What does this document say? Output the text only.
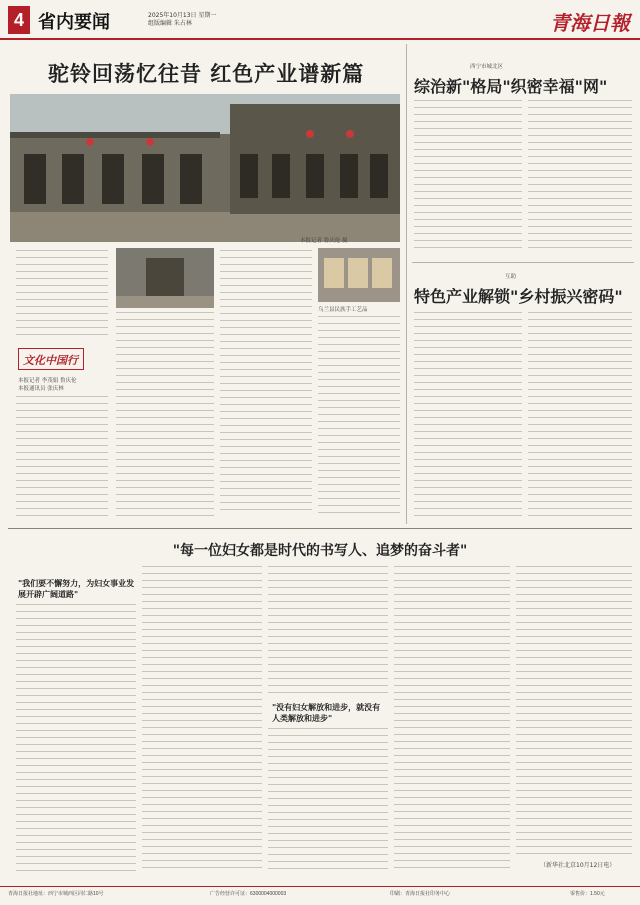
4 省内要闻	2025年10月13日 星期一
组版编辑 朱占林	青海日報
驼铃回荡忆往昔 红色产业谱新篇
本报记者 鲁庆伦 摄
文化中国行
本报记者 李茂娟 鲁庆伦
本报通讯员 张庆林
乌兰县民族手工艺品
西宁市城北区
综治新"格局"织密幸福"网"
互助
特色产业解锁"乡村振兴密码"
"每一位妇女都是时代的书写人、追梦的奋斗者"
"我们要不懈努力，为妇女事业发展开辟广阔道路"
"没有妇女解放和进步，就没有人类解放和进步"
（新华社北京10月12日电）
青海日报社地址：西宁市城西区同仁路10号	广告经营许可证：6300004000003	印刷：青海日报社印务中心	零售价：1.50元
